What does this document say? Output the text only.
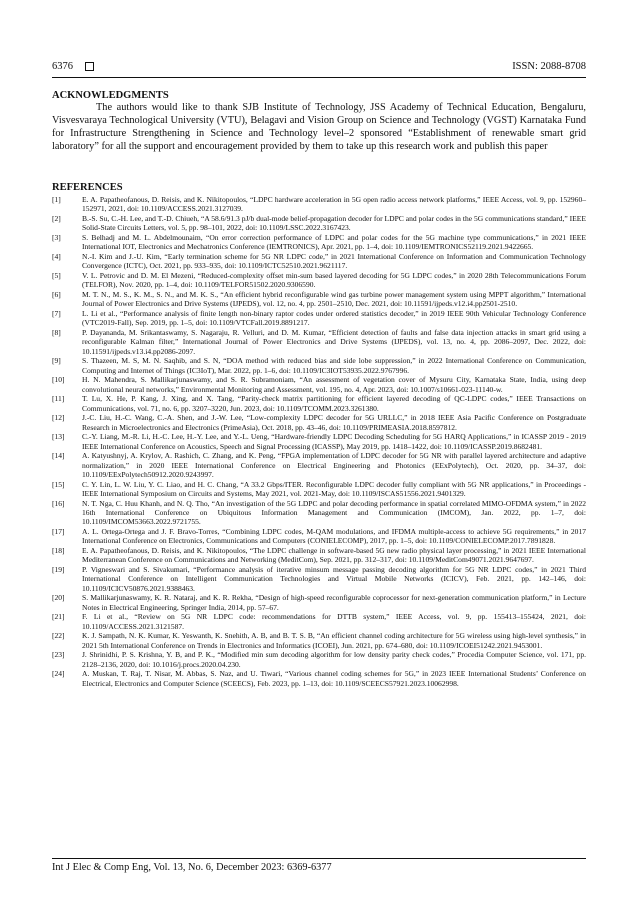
6376	ISSN: 2088-8708
ACKNOWLEDGMENTS
The authors would like to thank SJB Institute of Technology, JSS Academy of Technical Education, Bengaluru, Visvesvaraya Technological University (VTU), Belagavi and Vision Group on Science and Technology (VGST) Karnataka Fund for Infrastructure Strengthening in Science and Technology level–2 sponsored “Establishment of renewable smart grid laboratory” for all the support and encouragement provided by them to take up this research work and publish this paper
REFERENCES
[1]	E. A. Papatheofanous, D. Reisis, and K. Nikitopoulos, “LDPC hardware acceleration in 5G open radio access network platforms,” IEEE Access, vol. 9, pp. 152960–152971, 2021, doi: 10.1109/ACCESS.2021.3127039.
[2]	B.-S. Su, C.-H. Lee, and T.-D. Chiueh, “A 58.6/91.3 pJ/b dual-mode belief-propagation decoder for LDPC and polar codes in the 5G communications standard,” IEEE Solid-State Circuits Letters, vol. 5, pp. 98–101, 2022, doi: 10.1109/LSSC.2022.3167423.
[3]	S. Belhadj and M. L. Abdelmounaim, “On error correction performance of LDPC and polar codes for the 5G machine type communications,” in 2021 IEEE International IOT, Electronics and Mechatronics Conference (IEMTRONICS), Apr. 2021, pp. 1–4, doi: 10.1109/IEMTRONICS52119.2021.9422665.
[4]	N.-I. Kim and J.-U. Kim, “Early termination scheme for 5G NR LDPC code,” in 2021 International Conference on Information and Communication Technology Convergence (ICTC), Oct. 2021, pp. 933–935, doi: 10.1109/ICTC52510.2021.9621117.
[5]	V. L. Petrovic and D. M. El Mezeni, “Reduced-complexity offset min-sum based layered decoding for 5G LDPC codes,” in 2020 28th Telecommunications Forum (TELFOR), Nov. 2020, pp. 1–4, doi: 10.1109/TELFOR51502.2020.9306590.
[6]	M. T. N., M. S., K. M., S. N., and M. K. S., “An efficient hybrid reconfigurable wind gas turbine power management system using MPPT algorithm,” International Journal of Power Electronics and Drive Systems (IJPEDS), vol. 12, no. 4, pp. 2501–2510, Dec. 2021, doi: 10.11591/ijpeds.v12.i4.pp2501-2510.
[7]	L. Li et al., “Performance analysis of finite length non-binary raptor codes under ordered statistics decoder,” in 2019 IEEE 90th Vehicular Technology Conference (VTC2019-Fall), Sep. 2019, pp. 1–5, doi: 10.1109/VTCFall.2019.8891217.
[8]	P. Dayananda, M. Srikantaswamy, S. Nagaraju, R. Velluri, and D. M. Kumar, “Efficient detection of faults and false data injection attacks in smart grid using a reconfigurable Kalman filter,” International Journal of Power Electronics and Drive Systems (IJPEDS), vol. 13, no. 4, pp. 2086–2097, Dec. 2022, doi: 10.11591/ijpeds.v13.i4.pp2086-2097.
[9]	S. Thazeen, M. S, M. N. Saqhib, and S. N, “DOA method with reduced bias and side lobe suppression,” in 2022 International Conference on Communication, Computing and Internet of Things (IC3IoT), Mar. 2022, pp. 1–6, doi: 10.1109/IC3IOT53935.2022.9767996.
[10]	H. N. Mahendra, S. Mallikarjunaswamy, and S. R. Subramoniam, “An assessment of vegetation cover of Mysuru City, Karnataka State, India, using deep convolutional neural networks,” Environmental Monitoring and Assessment, vol. 195, no. 4, Apr. 2023, doi: 10.1007/s10661-023-11140-w.
[11]	T. Lu, X. He, P. Kang, J. Xing, and X. Tang, “Parity-check matrix partitioning for efficient layered decoding of QC-LDPC codes,” IEEE Transactions on Communications, vol. 71, no. 6, pp. 3207–3220, Jun. 2023, doi: 10.1109/TCOMM.2023.3261380.
[12]	J.-C. Liu, H.-C. Wang, C.-A. Shen, and J.-W. Lee, “Low-complexity LDPC decoder for 5G URLLC,” in 2018 IEEE Asia Pacific Conference on Postgraduate Research in Microelectronics and Electronics (PrimeAsia), Oct. 2018, pp. 43–46, doi: 10.1109/PRIMEASIA.2018.8597812.
[13]	C.-Y. Liang, M.-R. Li, H.-C. Lee, H.-Y. Lee, and Y.-L. Ueng, “Hardware-friendly LDPC Decoding Scheduling for 5G HARQ Applications,” in ICASSP 2019 - 2019 IEEE International Conference on Acoustics, Speech and Signal Processing (ICASSP), May 2019, pp. 1418–1422, doi: 10.1109/ICASSP.2019.8682481.
[14]	A. Katyushnyj, A. Krylov, A. Rashich, C. Zhang, and K. Peng, “FPGA implementation of LDPC decoder for 5G NR with parallel layered architecture and adaptive normalization,” in 2020 IEEE International Conference on Electrical Engineering and Photonics (EExPolytech), Oct. 2020, pp. 34–37, doi: 10.1109/EExPolytech50912.2020.9243997.
[15]	C. Y. Lin, L. W. Liu, Y. C. Liao, and H. C. Chang, “A 33.2 Gbps/ITER. Reconfigurable LDPC decoder fully compliant with 5G NR applications,” in Proceedings - IEEE International Symposium on Circuits and Systems, May 2021, vol. 2021-May, doi: 10.1109/ISCAS51556.2021.9401329.
[16]	N. T. Nga, C. Huu Khanh, and N. Q. Tho, “An investigation of the 5G LDPC and polar decoding performance in spatial correlated MIMO-OFDMA system,” in 2022 16th International Conference on Ubiquitous Information Management and Communication (IMCOM), Jan. 2022, pp. 1–7, doi: 10.1109/IMCOM53663.2022.9721755.
[17]	A. L. Ortega-Ortega and J. F. Bravo-Torres, “Combining LDPC codes, M-QAM modulations, and IFDMA multiple-access to achieve 5G requirements,” in 2017 International Conference on Electronics, Communications and Computers (CONIELECOMP), 2017, pp. 1–5, doi: 10.1109/CONIELECOMP.2017.7891828.
[18]	E. A. Papatheofanous, D. Reisis, and K. Nikitopoulos, “The LDPC challenge in software-based 5G new radio physical layer processing,” in 2021 IEEE International Mediterranean Conference on Communications and Networking (MeditCom), Sep. 2021, pp. 312–317, doi: 10.1109/MeditCom49071.2021.9647697.
[19]	P. Vigneswari and S. Sivakumari, “Performance analysis of iterative minsum message passing decoding algorithm for 5G NR LDPC codes,” in 2021 Third International Conference on Intelligent Communication Technologies and Virtual Mobile Networks (ICICV), Feb. 2021, pp. 142–146, doi: 10.1109/ICICV50876.2021.9388463.
[20]	S. Mallikarjunaswamy, K. R. Nataraj, and K. R. Rekha, “Design of high-speed reconfigurable coprocessor for next-generation communication platform,” in Lecture Notes in Electrical Engineering, Springer India, 2014, pp. 57–67.
[21]	F. Li et al., “Review on 5G NR LDPC code: recommendations for DTTB system,” IEEE Access, vol. 9, pp. 155413–155424, 2021, doi: 10.1109/ACCESS.2021.3121587.
[22]	K. J. Sampath, N. K. Kumar, K. Yeswanth, K. Snehith, A. B, and B. T. S. B, “An efficient channel coding architecture for 5G wireless using high-level synthesis,” in 2021 5th International Conference on Trends in Electronics and Informatics (ICOEI), Jun. 2021, pp. 674–680, doi: 10.1109/ICOEI51242.2021.9453001.
[23]	J. Shrinidhi, P. S. Krishna, Y. B, and P. K., “Modified min sum decoding algorithm for low density parity check codes,” Procedia Computer Science, vol. 171, pp. 2128–2136, 2020, doi: 10.1016/j.procs.2020.04.230.
[24]	A. Muskan, T. Raj, T. Nisar, M. Abbas, S. Naz, and U. Tiwari, “Various channel coding schemes for 5G,” in 2023 IEEE International Students’ Conference on Electrical, Electronics and Computer Science (SCEECS), Feb. 2023, pp. 1–13, doi: 10.1109/SCEECS57921.2023.10062998.
Int J Elec & Comp Eng, Vol. 13, No. 6, December 2023: 6369-6377
